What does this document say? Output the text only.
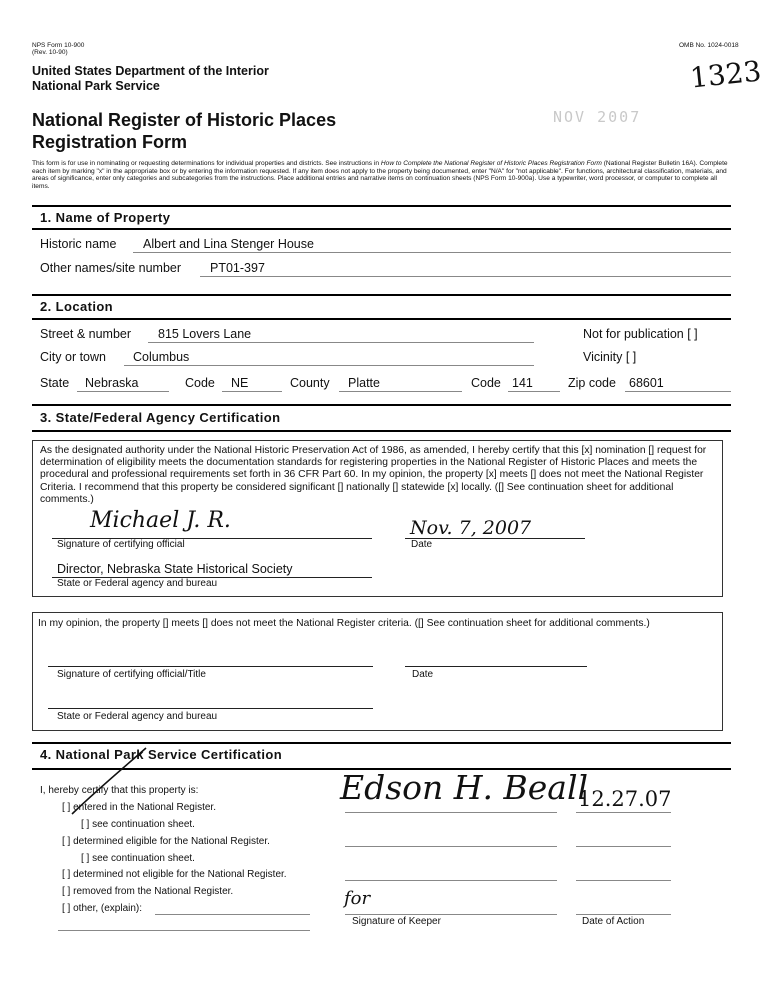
NPS Form 10-900
(Rev. 10-90)
OMB No. 1024-0018
1323
NOV 2007
United States Department of the Interior
National Park Service
National Register of Historic Places
Registration Form
This form is for use in nominating or requesting determinations for individual properties and districts. See instructions in How to Complete the National Register of Historic Places Registration Form (National Register Bulletin 16A). Complete each item by marking "x" in the appropriate box or by entering the information requested. If any item does not apply to the property being documented, enter "N/A" for "not applicable". For functions, architectural classification, materials, and areas of significance, enter only categories and subcategories from the instructions. Place additional entries and narrative items on continuation sheets (NPS Form 10-900a). Use a typewriter, word processor, or computer to complete all items.
1. Name of Property
Historic name Albert and Lina Stenger House
Other names/site number PT01-397
2. Location
Street & number 815 Lovers Lane	Not for publication [ ]
City or town Columbus	Vicinity [ ]
State Nebraska	Code NE	County Platte	Code 141	Zip code 68601
3. State/Federal Agency Certification
As the designated authority under the National Historic Preservation Act of 1986, as amended, I hereby certify that this [x] nomination [] request for determination of eligibility meets the documentation standards for registering properties in the National Register of Historic Places and meets the procedural and professional requirements set forth in 36 CFR Part 60. In my opinion, the property [x] meets [] does not meet the National Register Criteria. I recommend that this property be considered significant [] nationally [] statewide [x] locally. ([] See continuation sheet for additional comments.)
Michael J. R.	Nov. 7, 2007
Signature of certifying official	Date
Director, Nebraska State Historical Society
State or Federal agency and bureau
In my opinion, the property [] meets [] does not meet the National Register criteria. ([] See continuation sheet for additional comments.)
Signature of certifying official/Title	Date
State or Federal agency and bureau
4. National Park Service Certification
I, hereby certify that this property is:
[ ] entered in the National Register.
[ ] see continuation sheet.
[ ] determined eligible for the National Register.
[ ] see continuation sheet.
[ ] determined not eligible for the National Register.
[ ] removed from the National Register.
[ ] other, (explain):
Edson H. Beall
12.27.07
for
Signature of Keeper	Date of Action
